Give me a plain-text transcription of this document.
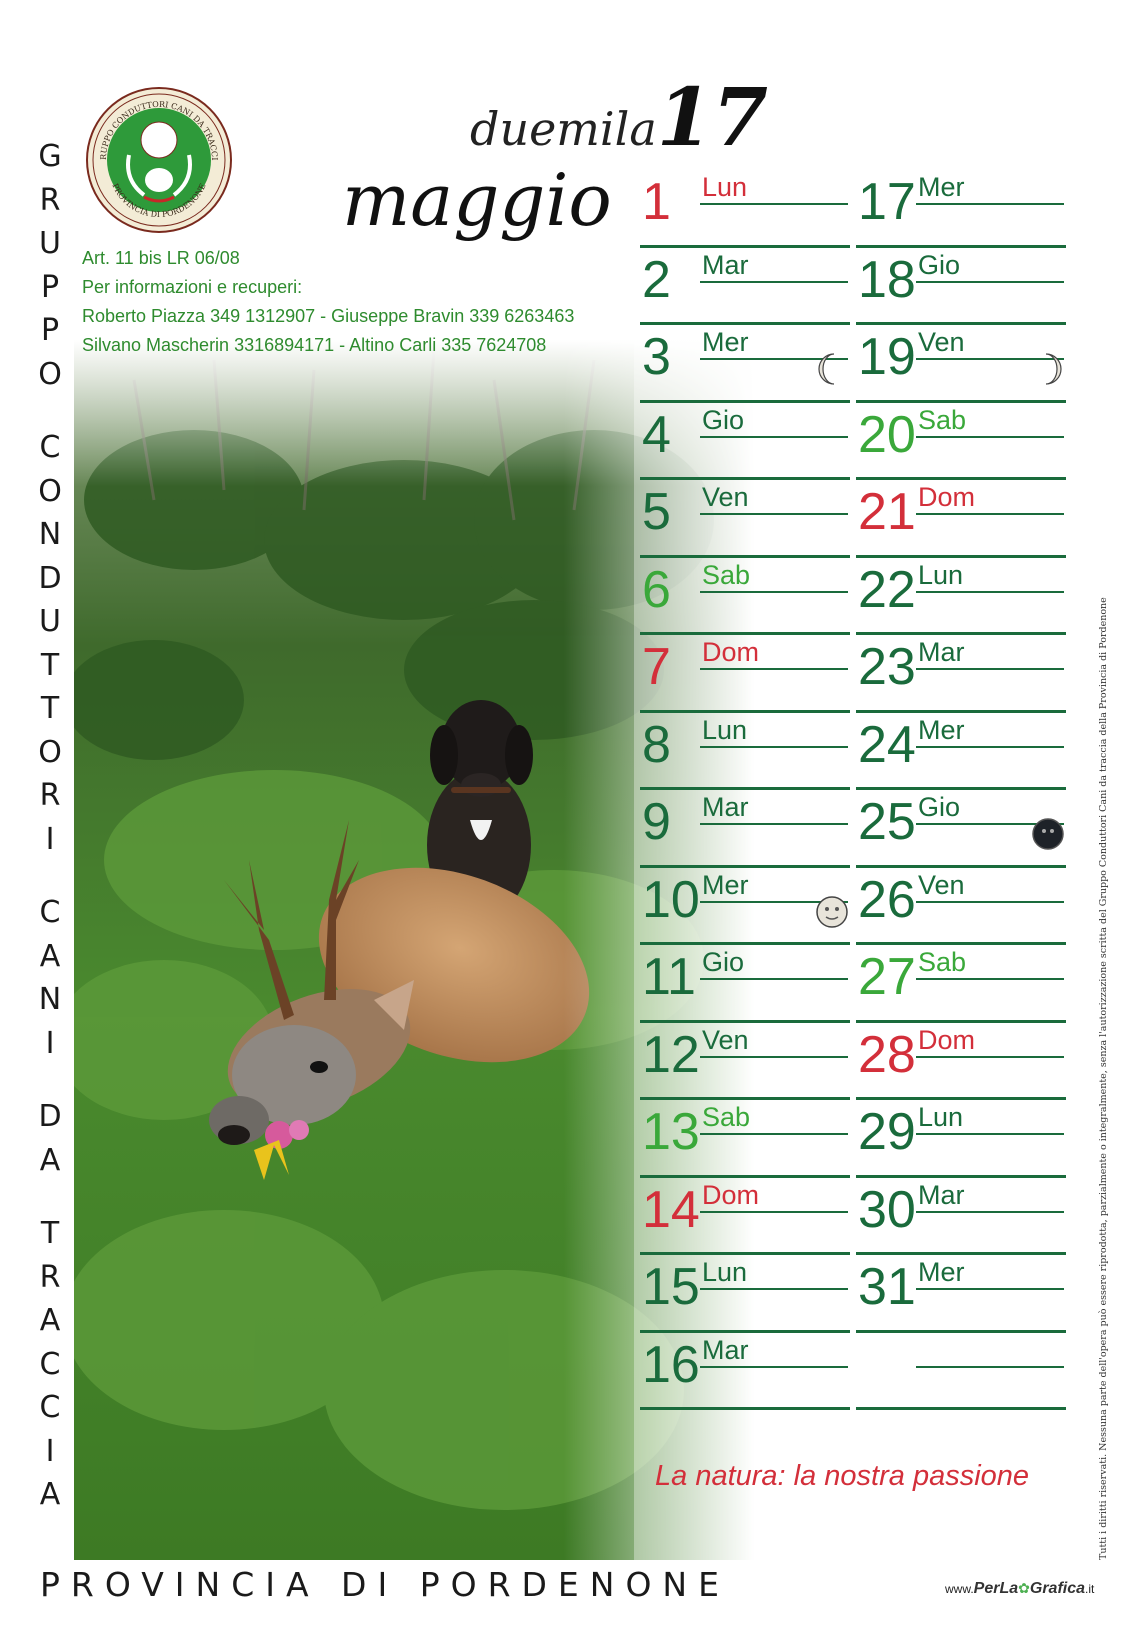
G
R
U
P
P
O
C
O
N
D
U
T
T
O
R
I
C
A
N
I
D
A
T
R
A
C
C
I
A
RUPPO CONDUTTORI CANI DA TRACCI
PROVINCIA DI PORDENONE
Art. 11 bis LR 06/08
Per informazioni e recuperi:
Roberto Piazza 349 1312907 - Giuseppe Bravin 339 6263463
Silvano Mascherin 3316894171 - Altino Carli 335 7624708
duemila17
maggio 1 Lun
2 Mar
3 Mer
4 Gio
5 Ven
6 Sab
7 Dom
8 Lun
9 Mar
10 Mer
11 Gio
12 Ven
13 Sab
14 Dom
15 Lun
16 Mar
17 Mer
18 Gio
19 Ven
20 Sab
21 Dom
22 Lun
23 Mar
24 Mer
25 Gio
26 Ven
27 Sab
28 Dom
29 Lun
30 Mar
31 Mer
La natura: la nostra passione	Tutti i diritti riservati. Nessuna parte dell'opera può essere riprodotta, parzialmente o integralmente, senza l'autorizzazione scritta del Gruppo Conduttori Cani da traccia della Provincia di Pordenone
PROVINCIA DI PORDENONE	www.PerLa✿Grafica.it
